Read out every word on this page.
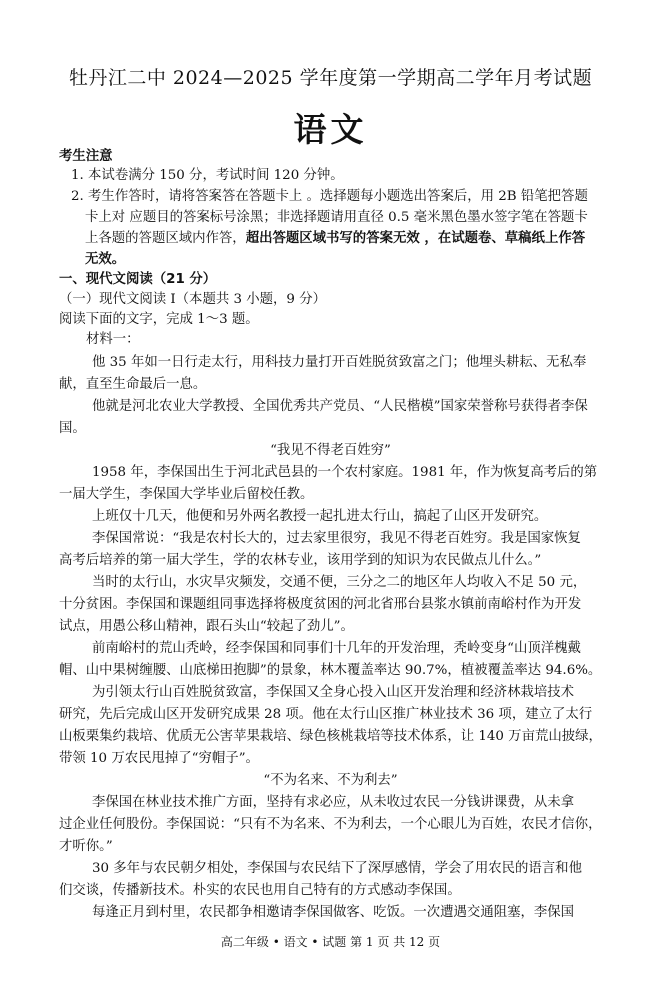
牡丹江二中 2024—2025 学年度第一学期高二学年月考试题
语文
考生注意
1. 本试卷满分 150 分，考试时间 120 分钟。
2. 考生作答时，请将答案答在答题卡上 。选择题每小题选出答案后，用 2B 铅笔把答题
卡上对 应题目的答案标号涂黑；非选择题请用直径 0.5 毫米黑色墨水签字笔在答题卡
上各题的答题区域内作答，超出答题区域书写的答案无效 ，在试题卷、草稿纸上作答
无效。
一、现代文阅读（21 分）
（一）现代文阅读 I（本题共 3 小题，9 分）
阅读下面的文字，完成 1～3 题。
材料一：
他 35 年如一日行走太行，用科技力量打开百姓脱贫致富之门；他埋头耕耘、无私奉
献，直至生命最后一息。
他就是河北农业大学教授、全国优秀共产党员、“人民楷模”国家荣誉称号获得者李保
国。
“我见不得老百姓穷”
1958 年，李保国出生于河北武邑县的一个农村家庭。1981 年，作为恢复高考后的第
一届大学生，李保国大学毕业后留校任教。
上班仅十几天，他便和另外两名教授一起扎进太行山，搞起了山区开发研究。
李保国常说：“我是农村长大的，过去家里很穷，我见不得老百姓穷。我是国家恢复
高考后培养的第一届大学生，学的农林专业，该用学到的知识为农民做点儿什么。”
当时的太行山，水灾旱灾频发，交通不便，三分之二的地区年人均收入不足 50 元，
十分贫困。李保国和课题组同事选择将极度贫困的河北省邢台县浆水镇前南峪村作为开发
试点，用愚公移山精神，跟石头山“较起了劲儿”。
前南峪村的荒山秃岭，经李保国和同事们十几年的开发治理，秃岭变身“山顶洋槐戴
帽、山中果树缠腰、山底梯田抱脚”的景象，林木覆盖率达 90.7%，植被覆盖率达 94.6%。
为引领太行山百姓脱贫致富，李保国又全身心投入山区开发治理和经济林栽培技术
研究，先后完成山区开发研究成果 28 项。他在太行山区推广林业技术 36 项，建立了太行
山板栗集约栽培、优质无公害苹果栽培、绿色核桃栽培等技术体系，让 140 万亩荒山披绿，
带领 10 万农民甩掉了“穷帽子”。
“不为名来、不为利去”
李保国在林业技术推广方面，坚持有求必应，从未收过农民一分钱讲课费，从未拿
过企业任何股份。李保国说：“只有不为名来、不为利去，一个心眼儿为百姓，农民才信你，
才听你。”
30 多年与农民朝夕相处，李保国与农民结下了深厚感情，学会了用农民的语言和他
们交谈，传播新技术。朴实的农民也用自己特有的方式感动李保国。
每逢正月到村里，农民都争相邀请李保国做客、吃饭。一次遭遇交通阻塞，李保国
高二年级 • 语文 • 试题 第 1 页 共 12 页
